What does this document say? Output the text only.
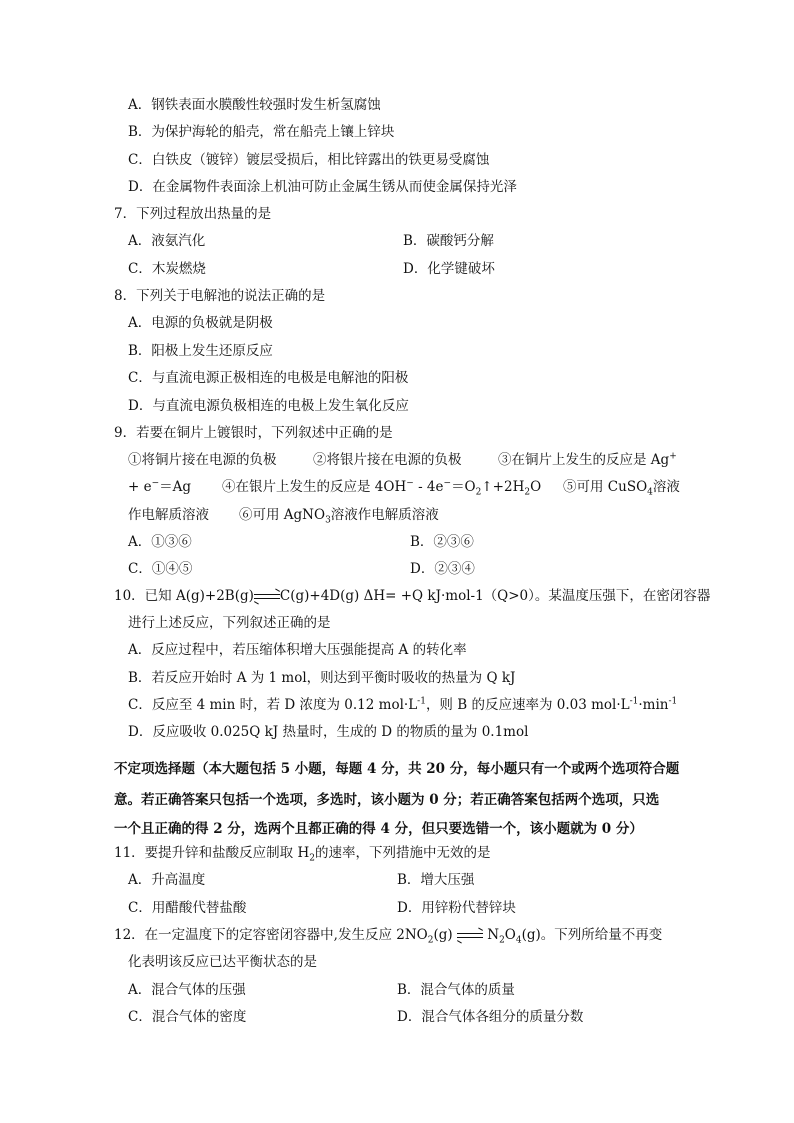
A．钢铁表面水膜酸性较强时发生析氢腐蚀
B．为保护海轮的船壳，常在船壳上镶上锌块
C．白铁皮（镀锌）镀层受损后，相比锌露出的铁更易受腐蚀
D．在金属物件表面涂上机油可防止金属生锈从而使金属保持光泽
7．下列过程放出热量的是
A．液氨汽化	B．碳酸钙分解
C．木炭燃烧	D．化学键破坏
8．下列关于电解池的说法正确的是
A．电源的负极就是阴极
B．阳极上发生还原反应
C．与直流电源正极相连的电极是电解池的阳极
D．与直流电源负极相连的电极上发生氧化反应
9．若要在铜片上镀银时，下列叙述中正确的是
①将铜片接在电源的负极	②将银片接在电源的负极	③在铜片上发生的反应是 Ag+
+ e−＝Ag ④在银片上发生的反应是 $4OH^- - 4e^-=O_2↑+2H_2O$ ⑤可用 CuSO$_4$溶液
作电解质溶液 ⑥可用 AgNO$_3$溶液作电解质溶液
A．①③⑥	B．②③⑥
C．①④⑤	D．②③④
10．已知 A(g)+2B(g)→C(g)+4D(g) ΔH= +Q kJ·mol-1（Q>0）。某温度压强下，在密闭容器
进行上述反应，下列叙述正确的是
A．反应过程中，若压缩体积增大压强能提高 A 的转化率
B．若反应开始时 A 为 1 mol，则达到平衡时吸收的热量为 Q kJ
C．反应至 4 min 时，若 D 浓度为 0.12 $mol\cdot L^{-1}$，则 B 的反应速率为 0.03 $mol\cdot L^{-1}\cdot\min^{-1}$
D．反应吸收 0.025Q kJ 热量时，生成的 D 的物质的量为 0.1mol
不定项选择题（本大题包括 5 小题，每题 4 分，共 20 分，每小题只有一个或两个选项符合题
意。若正确答案只包括一个选项，多选时，该小题为 0 分；若正确答案包括两个选项，只选
一个且正确的得 2 分，选两个且都正确的得 4 分，但只要选错一个，该小题就为 0 分）
11．要提升锌和盐酸反应制取 $H_2$的速率，下列措施中无效的是
A．升高温度	B．增大压强
C．用醋酸代替盐酸	D．用锌粉代替锌块
12．在一定温度下的定容密闭容器中,发生反应 $2NO_2(g) \to N_2O_4(g)$。下列所给量不再变
化表明该反应已达平衡状态的是
A．混合气体的压强	B．混合气体的质量
C．混合气体的密度	D．混合气体各组分的质量分数
